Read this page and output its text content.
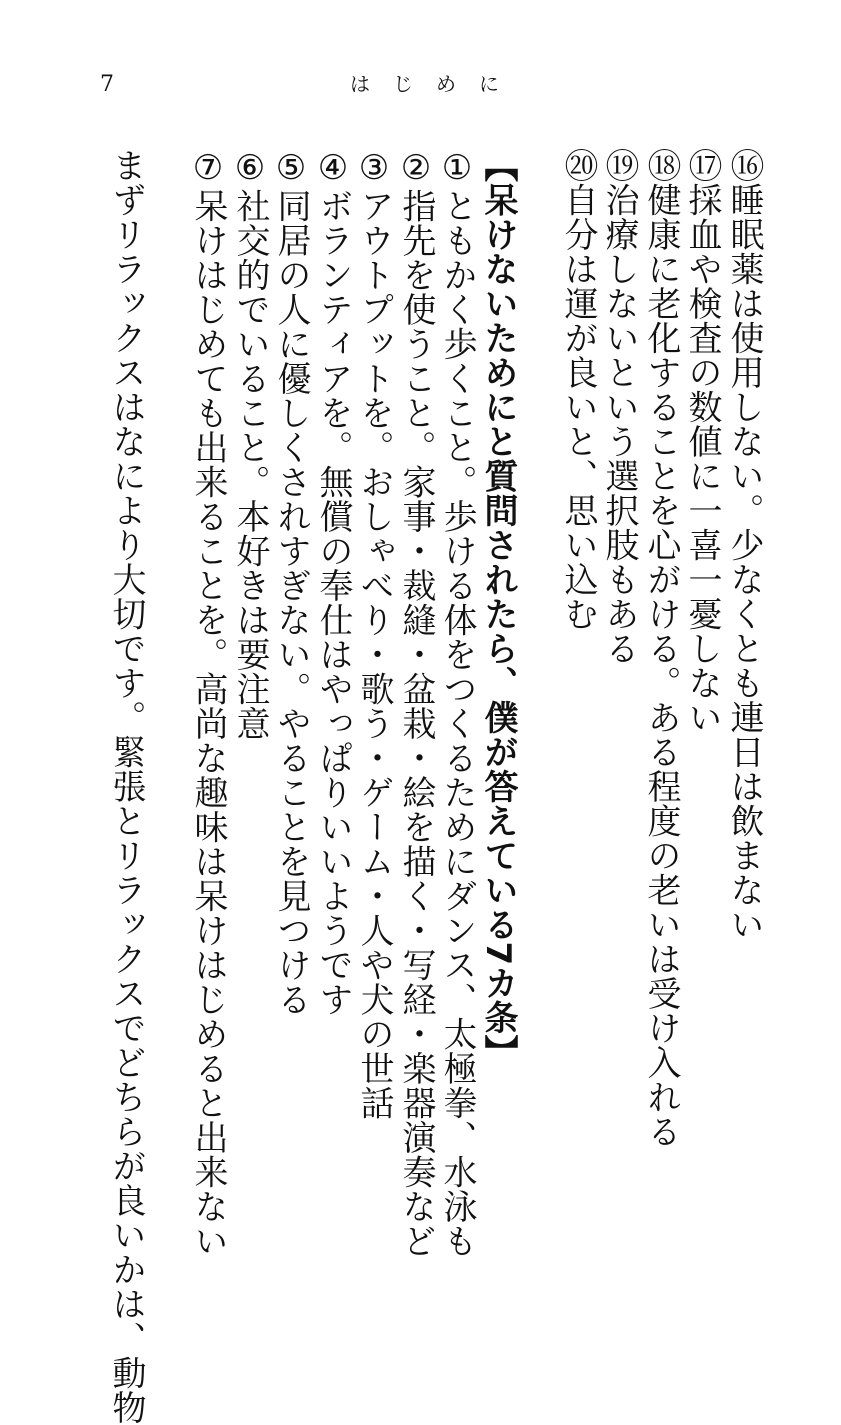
7	はじめに
⑯睡眠薬は使用しない。少なくとも連日は飲まない
⑰採血や検査の数値に一喜一憂しない
⑱健康に老化することを心がける。ある程度の老いは受け入れる
⑲治療しないという選択肢もある
⑳自分は運が良いと、思い込む
【呆けないためにと質問されたら、僕が答えている7カ条】
①ともかく歩くこと。歩ける体をつくるためにダンス、太極拳、水泳も
②指先を使うこと。家事・裁縫・盆栽・絵を描く・写経・楽器演奏など
③アウトプットを。おしゃべり・歌う・ゲーム・人や犬の世話
④ボランティアを。無償の奉仕はやっぱりいいようです
⑤同居の人に優しくされすぎない。やることを見つける
⑥社交的でいること。本好きは要注意
⑦呆けはじめても出来ることを。高尚な趣味は呆けはじめると出来ない
まずリラックスはなにより大切です。緊張とリラックスでどちらが良いかは、動物
